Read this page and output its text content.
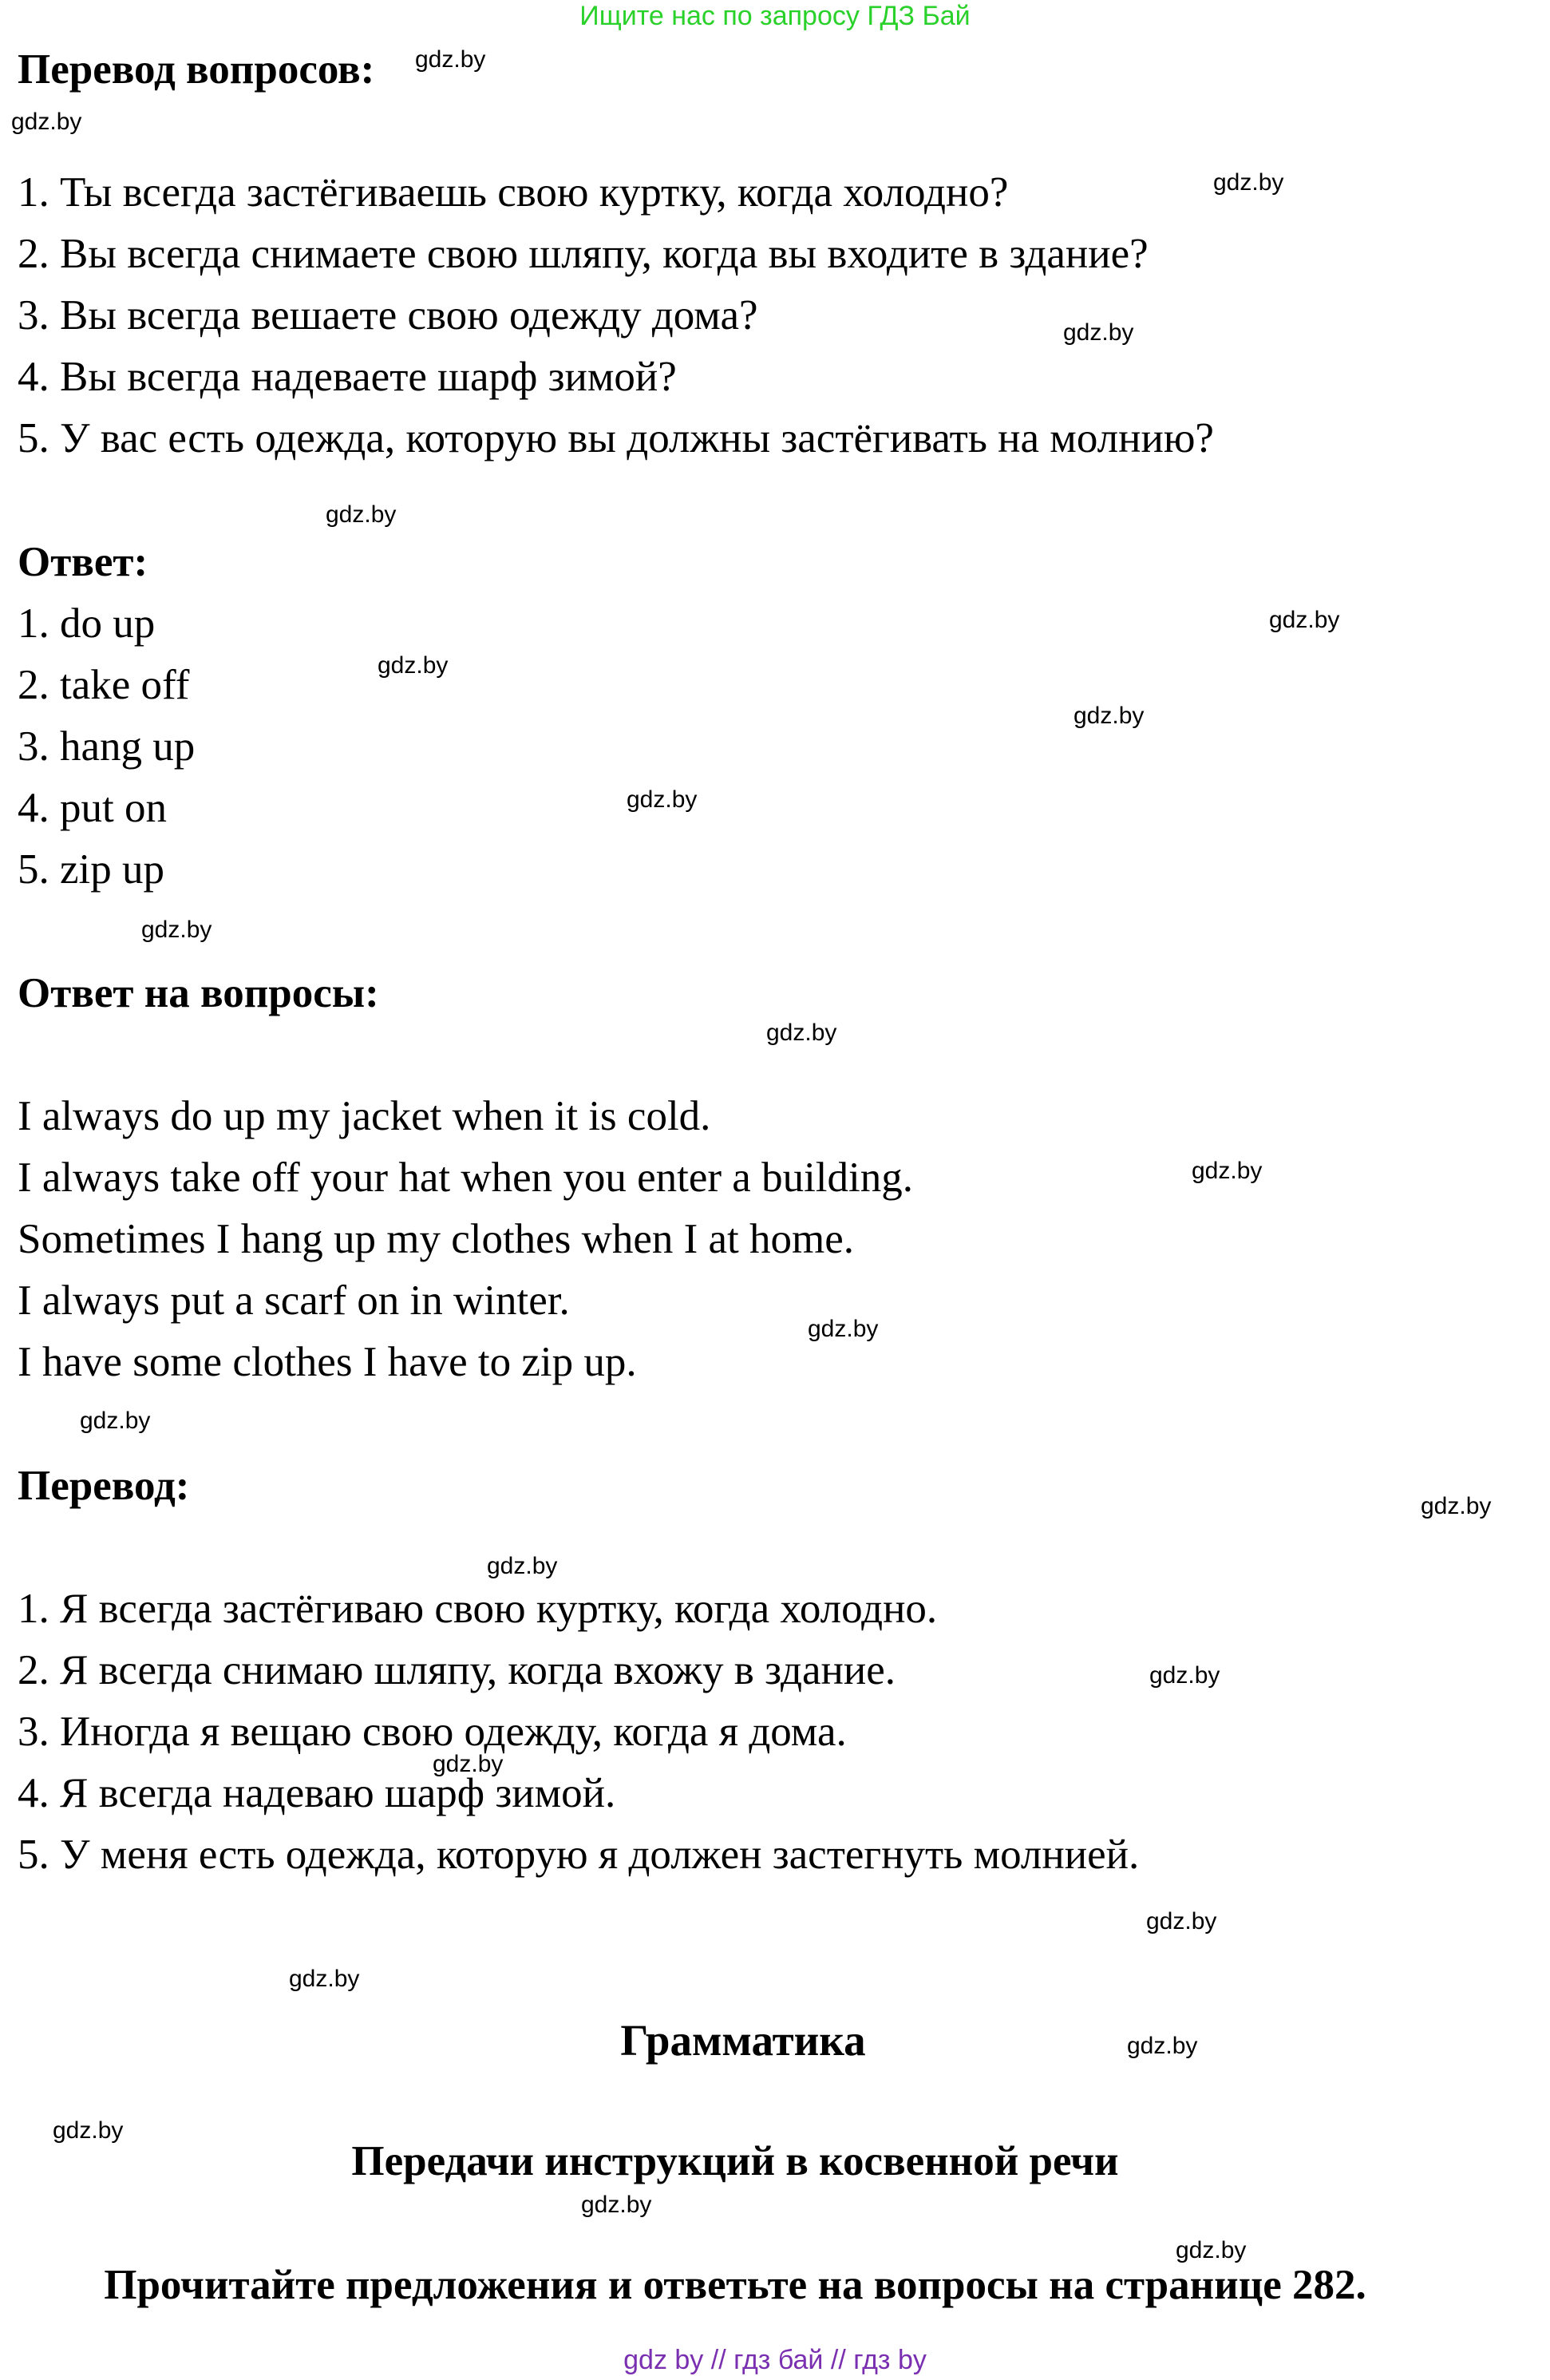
Ищите нас по запросу ГДЗ Бай
Перевод вопросов:
1. Ты всегда застёгиваешь свою куртку, когда холодно?
2. Вы всегда снимаете свою шляпу, когда вы входите в здание?
3. Вы всегда вешаете свою одежду дома?
4. Вы всегда надеваете шарф зимой?
5. У вас есть одежда, которую вы должны застёгивать на молнию?
Ответ:
1. do up
2. take off
3. hang up
4. put on
5. zip up
Ответ на вопросы:
I always do up my jacket when it is cold.
I always take off your hat when you enter a building.
Sometimes I hang up my clothes when I at home.
I always put a scarf on in winter.
I have some clothes I have to zip up.
Перевод:
1. Я всегда застёгиваю свою куртку, когда холодно.
2. Я всегда снимаю шляпу, когда вхожу в здание.
3. Иногда я вещаю свою одежду, когда я дома.
4. Я всегда надеваю шарф зимой.
5. У меня есть одежда, которую я должен застегнуть молнией.
Грамматика
Передачи инструкций в косвенной речи
Прочитайте предложения и ответьте на вопросы на странице 282.
gdz.by
gdz.by
gdz.by
gdz.by
gdz.by
gdz.by
gdz.by
gdz.by
gdz.by
gdz.by
gdz.by
gdz.by
gdz.by
gdz.by
gdz.by
gdz.by
gdz.by
gdz.by
gdz.by
gdz.by
gdz.by
gdz.by
gdz.by
gdz.by
gdz by // гдз бай // гдз by
